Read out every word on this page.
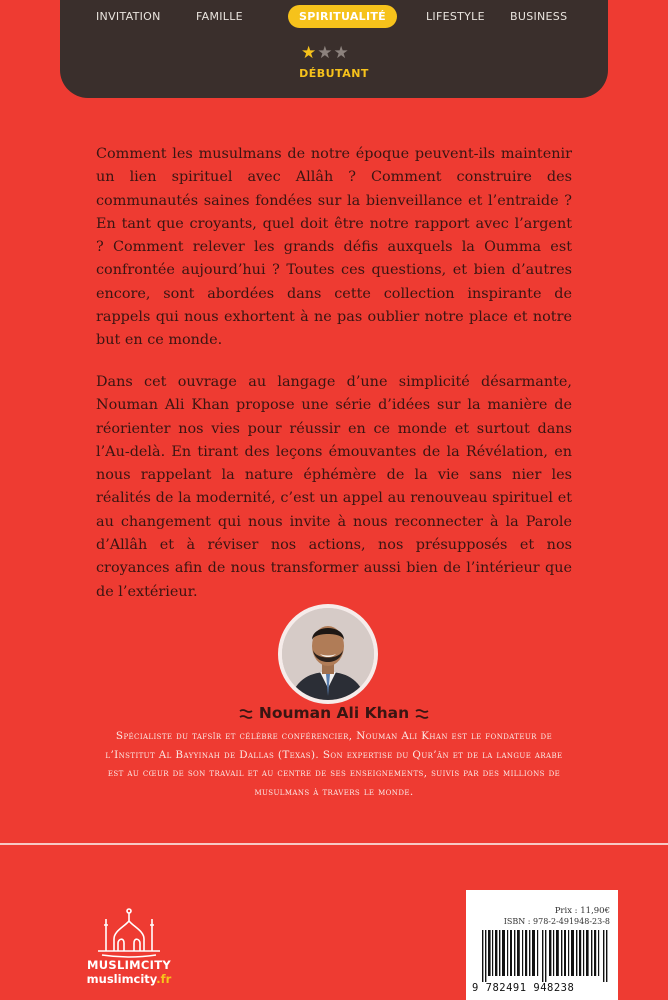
INVITATION	FAMILLE	SPIRITUALITÉ	LIFESTYLE BUSINESS
★★★
DÉBUTANT

Comment les musulmans de notre époque peuvent-ils maintenir un lien spirituel avec Allâh ? Comment construire des communautés saines fondées sur la bienveillance et l’entraide ? En tant que croyants, quel doit être notre rapport avec l’argent ? Comment relever les grands défis auxquels la Oumma est confrontée aujourd’hui ? Toutes ces questions, et bien d’autres encore, sont abordées dans cette collection inspirante de rappels qui nous exhortent à ne pas oublier notre place et notre but en ce monde.

Dans cet ouvrage au langage d’une simplicité désarmante, Nouman Ali Khan propose une série d’idées sur la manière de réorienter nos vies pour réussir en ce monde et surtout dans l’Au-delà. En tirant des leçons émouvantes de la Révélation, en nous rappelant la nature éphémère de la vie sans nier les réalités de la modernité, c’est un appel au renouveau spirituel et au changement qui nous invite à nous reconnecter à la Parole d’Allâh et à réviser nos actions, nos présupposés et nos croyances afin de nous transformer aussi bien de l’intérieur que de l’extérieur.

Nouman Ali Khan

Spécialiste du tafsîr et célèbre conférencier, Nouman Ali Khan est le fondateur de l’Institut Al Bayyinah de Dallas (Texas). Son expertise du Qur’ân et de la langue arabe est au cœur de son travail et au centre de ses enseignements, suivis par des millions de musulmans à travers le monde.

MUSLIMCITY
muslimcity.fr
Prix : 11,90€
ISBN : 978-2-491948-23-8
9 782491 948238
